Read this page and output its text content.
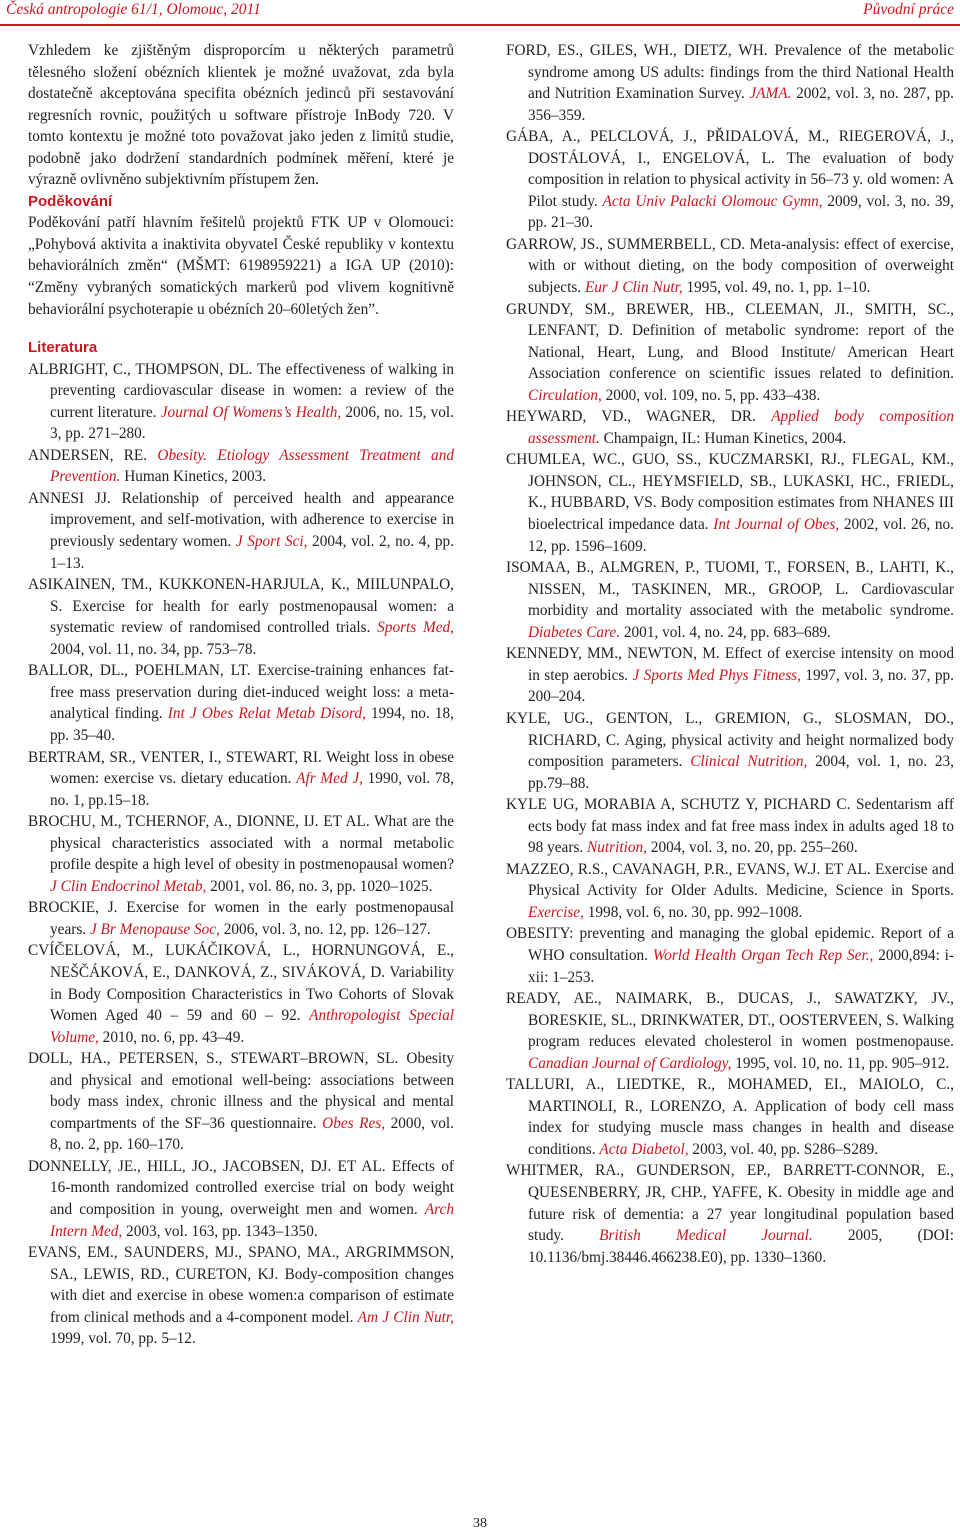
Česká antropologie 61/1, Olomouc, 2011	Původní práce

Vzhledem ke zjištěným disproporcím u některých parametrů tělesného složení obézních klientek je možné uvažovat, zda byla dostatečně akceptována specifita obézních jedinců při sestavování regresních rovnic, použitých u software přístroje InBody 720. V tomto kontextu je možné toto považovat jako jeden z limitů studie, podobně jako dodržení standardních podmínek měření, které je výrazně ovlivněno subjektivním přístupem žen.

Poděkování

Poděkování patří hlavním řešitelů projektů FTK UP v Olomouci: „Pohybová aktivita a inaktivita obyvatel České republiky v kontextu behaviorálních změn“ (MŠMT: 6198959221) a IGA UP (2010): “Změny vybraných somatických markerů pod vlivem kognitivně behaviorální psychoterapie u obézních 20–60letých žen”.

Literatura

ALBRIGHT, C., THOMPSON, DL. The effectiveness of walking in preventing cardiovascular disease in women: a review of the current literature. Journal Of Womens’s Health, 2006, no. 15, vol. 3, pp. 271–280.

ANDERSEN, RE. Obesity. Etiology Assessment Treatment and Prevention. Human Kinetics, 2003.

ANNESI JJ. Relationship of perceived health and appearance improvement, and self-motivation, with adherence to exercise in previously sedentary women. J Sport Sci, 2004, vol. 2, no. 4, pp. 1–13.

ASIKAINEN, TM., KUKKONEN-HARJULA, K., MIILUNPALO, S. Exercise for health for early postmenopausal women: a systematic review of randomised controlled trials. Sports Med, 2004, vol. 11, no. 34, pp. 753–78.

BALLOR, DL., POEHLMAN, LT. Exercise-training enhances fat-free mass preservation during diet-induced weight loss: a meta-analytical finding. Int J Obes Relat Metab Disord, 1994, no. 18, pp. 35–40.

BERTRAM, SR., VENTER, I., STEWART, RI. Weight loss in obese women: exercise vs. dietary education. Afr Med J, 1990, vol. 78, no. 1, pp.15–18.

BROCHU, M., TCHERNOF, A., DIONNE, IJ. ET AL. What are the physical characteristics associated with a normal metabolic profile despite a high level of obesity in postmenopausal women? J Clin Endocrinol Metab, 2001, vol. 86, no. 3, pp. 1020–1025.

BROCKIE, J. Exercise for women in the early postmenopausal years. J Br Menopause Soc, 2006, vol. 3, no. 12, pp. 126–127.

CVÍČELOVÁ, M., LUKÁČIKOVÁ, L., HORNUNGOVÁ, E., NEŠČÁKOVÁ, E., DANKOVÁ, Z., SIVÁKOVÁ, D. Variability in Body Composition Characteristics in Two Cohorts of Slovak Women Aged 40 – 59 and 60 – 92. Anthropologist Special Volume, 2010, no. 6, pp. 43–49.

DOLL, HA., PETERSEN, S., STEWART–BROWN, SL. Obesity and physical and emotional well-being: associations between body mass index, chronic illness and the physical and mental compartments of the SF–36 questionnaire. Obes Res, 2000, vol. 8, no. 2, pp. 160–170.

DONNELLY, JE., HILL, JO., JACOBSEN, DJ. ET AL. Effects of 16-month randomized controlled exercise trial on body weight and composition in young, overweight men and women. Arch Intern Med, 2003, vol. 163, pp. 1343–1350.

EVANS, EM., SAUNDERS, MJ., SPANO, MA., ARGRIMMSON, SA., LEWIS, RD., CURETON, KJ. Body-composition changes with diet and exercise in obese women:a comparison of estimate from clinical methods and a 4-component model. Am J Clin Nutr, 1999, vol. 70, pp. 5–12.

FORD, ES., GILES, WH., DIETZ, WH. Prevalence of the metabolic syndrome among US adults: findings from the third National Health and Nutrition Examination Survey. JAMA. 2002, vol. 3, no. 287, pp. 356–359.

GÁBA, A., PELCLOVÁ, J., PŘIDALOVÁ, M., RIEGEROVÁ, J., DOSTÁLOVÁ, I., ENGELOVÁ, L. The evaluation of body composition in relation to physical activity in 56–73 y. old women: A Pilot study. Acta Univ Palacki Olomouc Gymn, 2009, vol. 3, no. 39, pp. 21–30.

GARROW, JS., SUMMERBELL, CD. Meta-analysis: effect of exercise, with or without dieting, on the body composition of overweight subjects. Eur J Clin Nutr, 1995, vol. 49, no. 1, pp. 1–10.

GRUNDY, SM., BREWER, HB., CLEEMAN, JI., SMITH, SC., LENFANT, D. Definition of metabolic syndrome: report of the National, Heart, Lung, and Blood Institute/ American Heart Association conference on scientific issues related to definition. Circulation, 2000, vol. 109, no. 5, pp. 433–438.

HEYWARD, VD., WAGNER, DR. Applied body composition assessment. Champaign, IL: Human Kinetics, 2004.

CHUMLEA, WC., GUO, SS., KUCZMARSKI, RJ., FLEGAL, KM., JOHNSON, CL., HEYMSFIELD, SB., LUKASKI, HC., FRIEDL, K., HUBBARD, VS. Body composition estimates from NHANES III bioelectrical impedance data. Int Journal of Obes, 2002, vol. 26, no. 12, pp. 1596–1609.

ISOMAA, B., ALMGREN, P., TUOMI, T., FORSEN, B., LAHTI, K., NISSEN, M., TASKINEN, MR., GROOP, L. Cardiovascular morbidity and mortality associated with the metabolic syndrome. Diabetes Care. 2001, vol. 4, no. 24, pp. 683–689.

KENNEDY, MM., NEWTON, M. Effect of exercise intensity on mood in step aerobics. J Sports Med Phys Fitness, 1997, vol. 3, no. 37, pp. 200–204.

KYLE, UG., GENTON, L., GREMION, G., SLOSMAN, DO., RICHARD, C. Aging, physical activity and height normalized body composition parameters. Clinical Nutrition, 2004, vol. 1, no. 23, pp.79–88.

KYLE UG, MORABIA A, SCHUTZ Y, PICHARD C. Sedentarism aff ects body fat mass index and fat free mass index in adults aged 18 to 98 years. Nutrition, 2004, vol. 3, no. 20, pp. 255–260.

MAZZEO, R.S., CAVANAGH, P.R., EVANS, W.J. ET AL. Exercise and Physical Activity for Older Adults. Medicine, Science in Sports. Exercise, 1998, vol. 6, no. 30, pp. 992–1008.

OBESITY: preventing and managing the global epidemic. Report of a WHO consultation. World Health Organ Tech Rep Ser., 2000,894: i-xii: 1–253.

READY, AE., NAIMARK, B., DUCAS, J., SAWATZKY, JV., BORESKIE, SL., DRINKWATER, DT., OOSTERVEEN, S. Walking program reduces elevated cholesterol in women postmenopause. Canadian Journal of Cardiology, 1995, vol. 10, no. 11, pp. 905–912.

TALLURI, A., LIEDTKE, R., MOHAMED, EI., MAIOLO, C., MARTINOLI, R., LORENZO, A. Application of body cell mass index for studying muscle mass changes in health and disease conditions. Acta Diabetol, 2003, vol. 40, pp. S286–S289.

WHITMER, RA., GUNDERSON, EP., BARRETT-CONNOR, E., QUESENBERRY, JR, CHP., YAFFE, K. Obesity in middle age and future risk of dementia: a 27 year longitudinal population based study. British Medical Journal. 2005, (DOI: 10.1136/bmj.38446.466238.E0), pp. 1330–1360.

38
